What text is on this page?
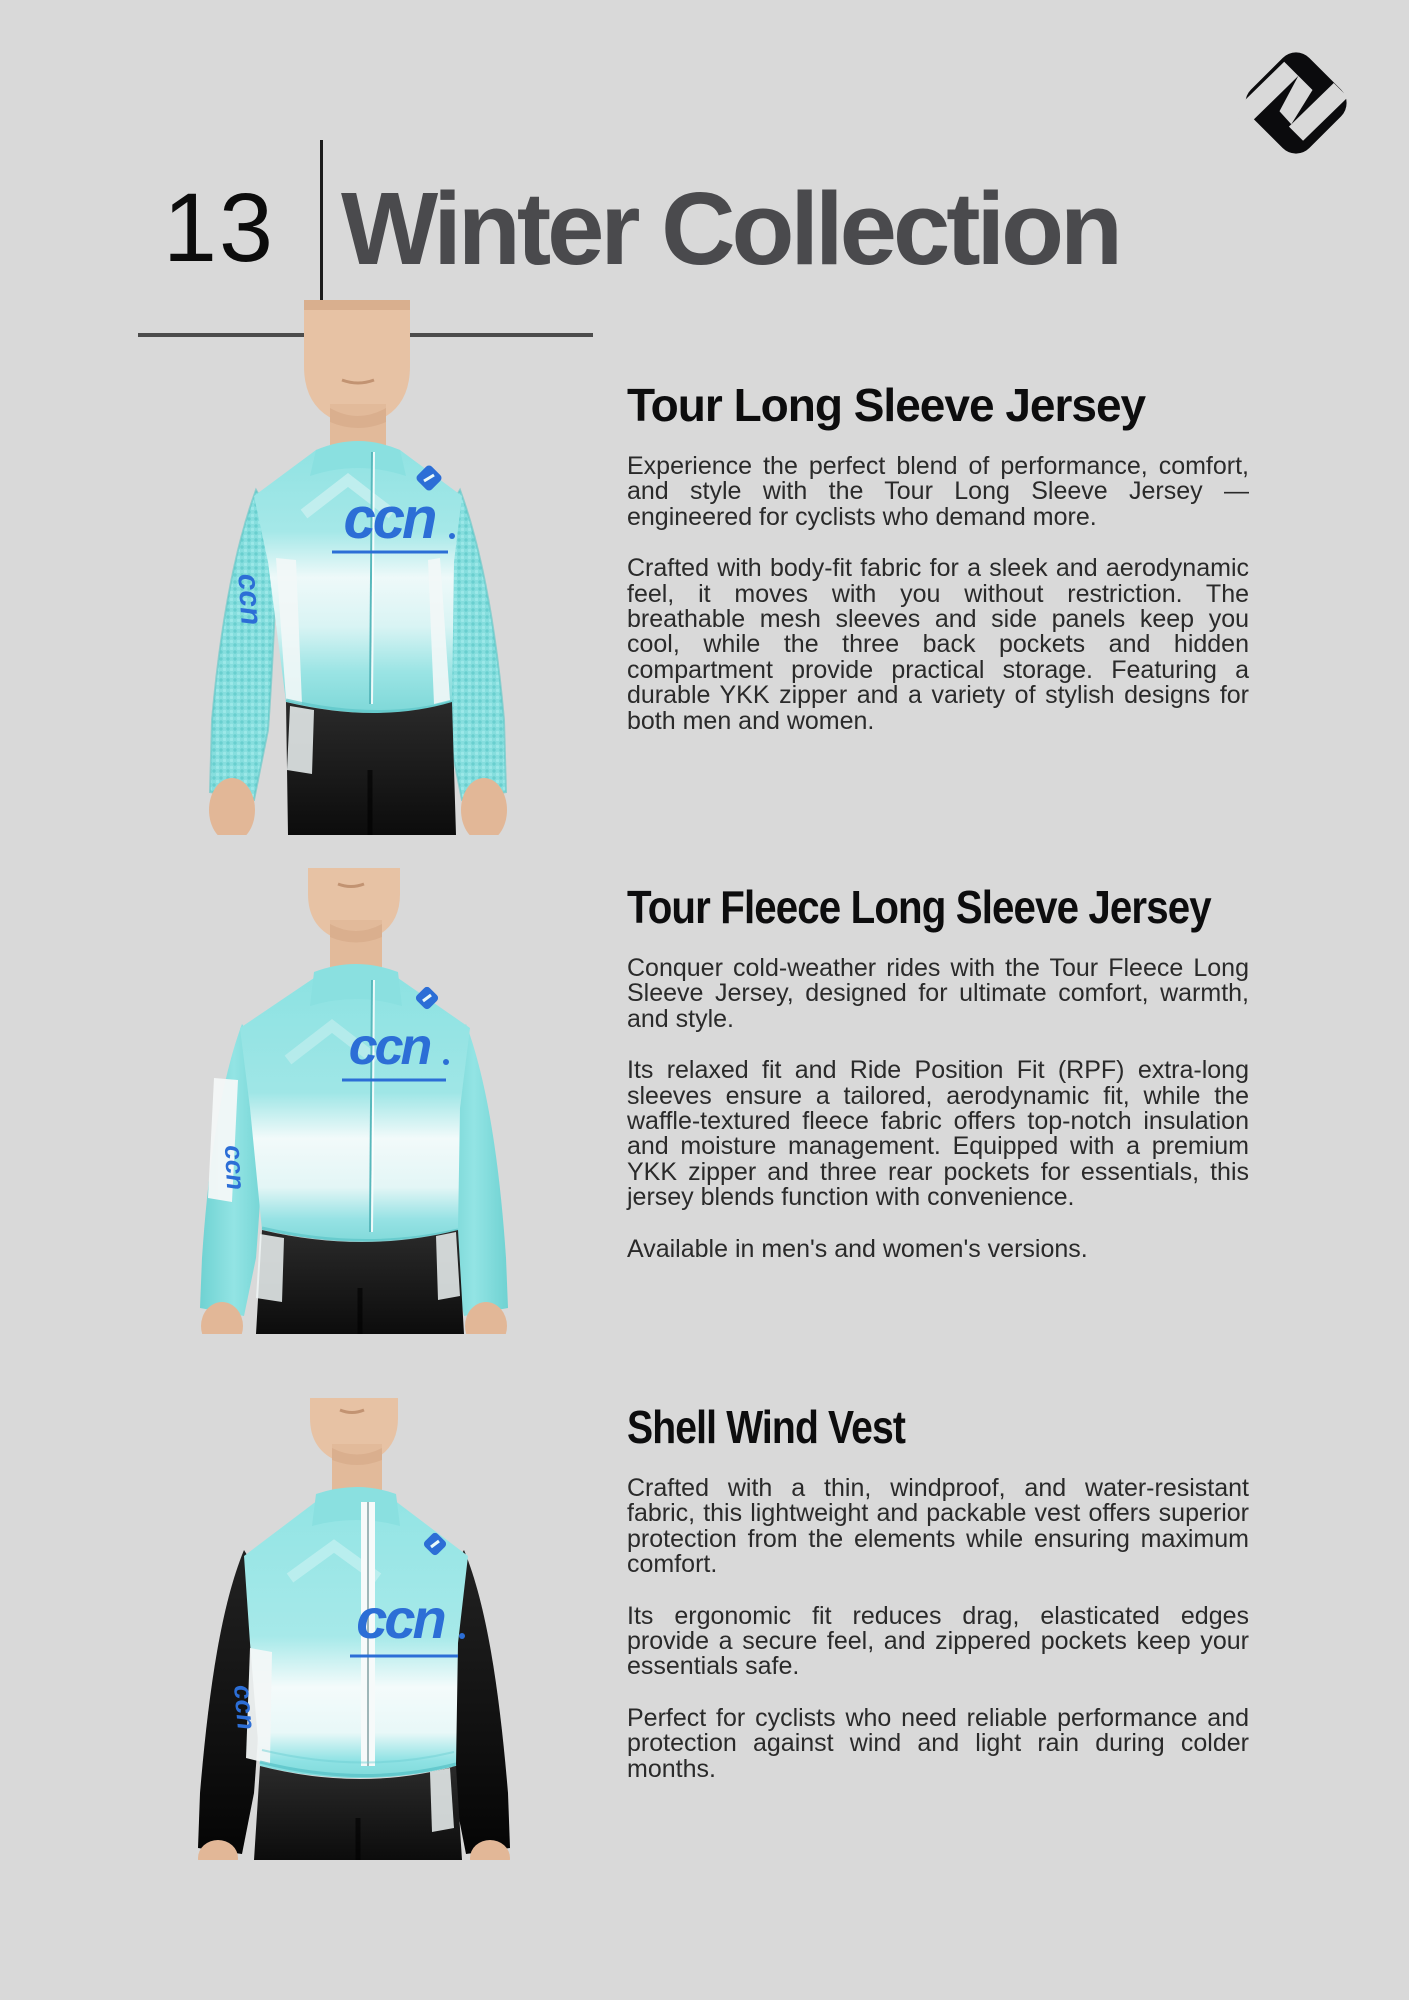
13 Winter Collection
ccn
ccn
ccn
ccn
ccn
ccn
Tour Long Sleeve Jersey

Experience the perfect blend of performance, comfort, and style with the Tour Long Sleeve Jersey —engineered for cyclists who demand more.

Crafted with body-fit fabric for a sleek and aerodynamic feel, it moves with you without restriction. The breathable mesh sleeves and side panels keep you cool, while the three back pockets and hidden compartment provide practical storage. Featuring a durable YKK zipper and a variety of stylish designs for both men and women.

Tour Fleece Long Sleeve Jersey

Conquer cold-weather rides with the Tour Fleece Long Sleeve Jersey, designed for ultimate comfort, warmth, and style.

Its relaxed fit and Ride Position Fit (RPF) extra-long sleeves ensure a tailored, aerodynamic fit, while the waffle-textured fleece fabric offers top-notch insulation and moisture management. Equipped with a premium YKK zipper and three rear pockets for essentials, this jersey blends function with convenience.

Available in men's and women's versions.

Shell Wind Vest

Crafted with a thin, windproof, and water-resistant fabric, this lightweight and packable vest offers superior protection from the elements while ensuring maximum comfort.

Its ergonomic fit reduces drag, elasticated edges provide a secure feel, and zippered pockets keep your essentials safe.

Perfect for cyclists who need reliable performance and protection against wind and light rain during colder months.
